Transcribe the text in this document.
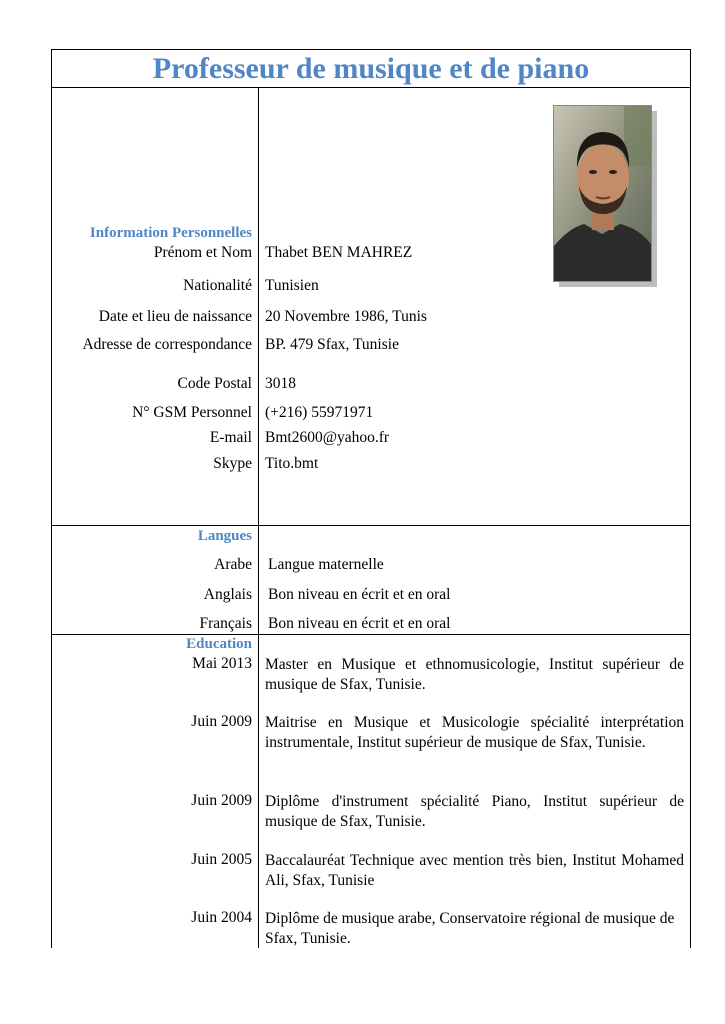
Professeur de musique et de piano
Information Personnelles
Prénom et Nom Thabet BEN MAHREZ
Nationalité Tunisien
Date et lieu de naissance 20 Novembre 1986, Tunis
Adresse de correspondance BP. 479 Sfax, Tunisie
Code Postal 3018
N° GSM Personnel (+216) 55971971
E-mail Bmt2600@yahoo.fr
Skype Tito.bmt
Langues
Arabe Langue maternelle
Anglais Bon niveau en écrit et en oral
Français Bon niveau en écrit et en oral
Education
Mai 2013 Master en Musique et ethnomusicologie, Institut supérieur de musique de Sfax, Tunisie.
Juin 2009 Maitrise en Musique et Musicologie spécialité interprétation instrumentale, Institut supérieur de musique de Sfax, Tunisie.
Juin 2009 Diplôme d'instrument spécialité Piano, Institut supérieur de musique de Sfax, Tunisie.
Juin 2005 Baccalauréat Technique avec mention très bien, Institut Mohamed Ali, Sfax, Tunisie
Juin 2004 Diplôme de musique arabe, Conservatoire régional de musique de Sfax, Tunisie.
